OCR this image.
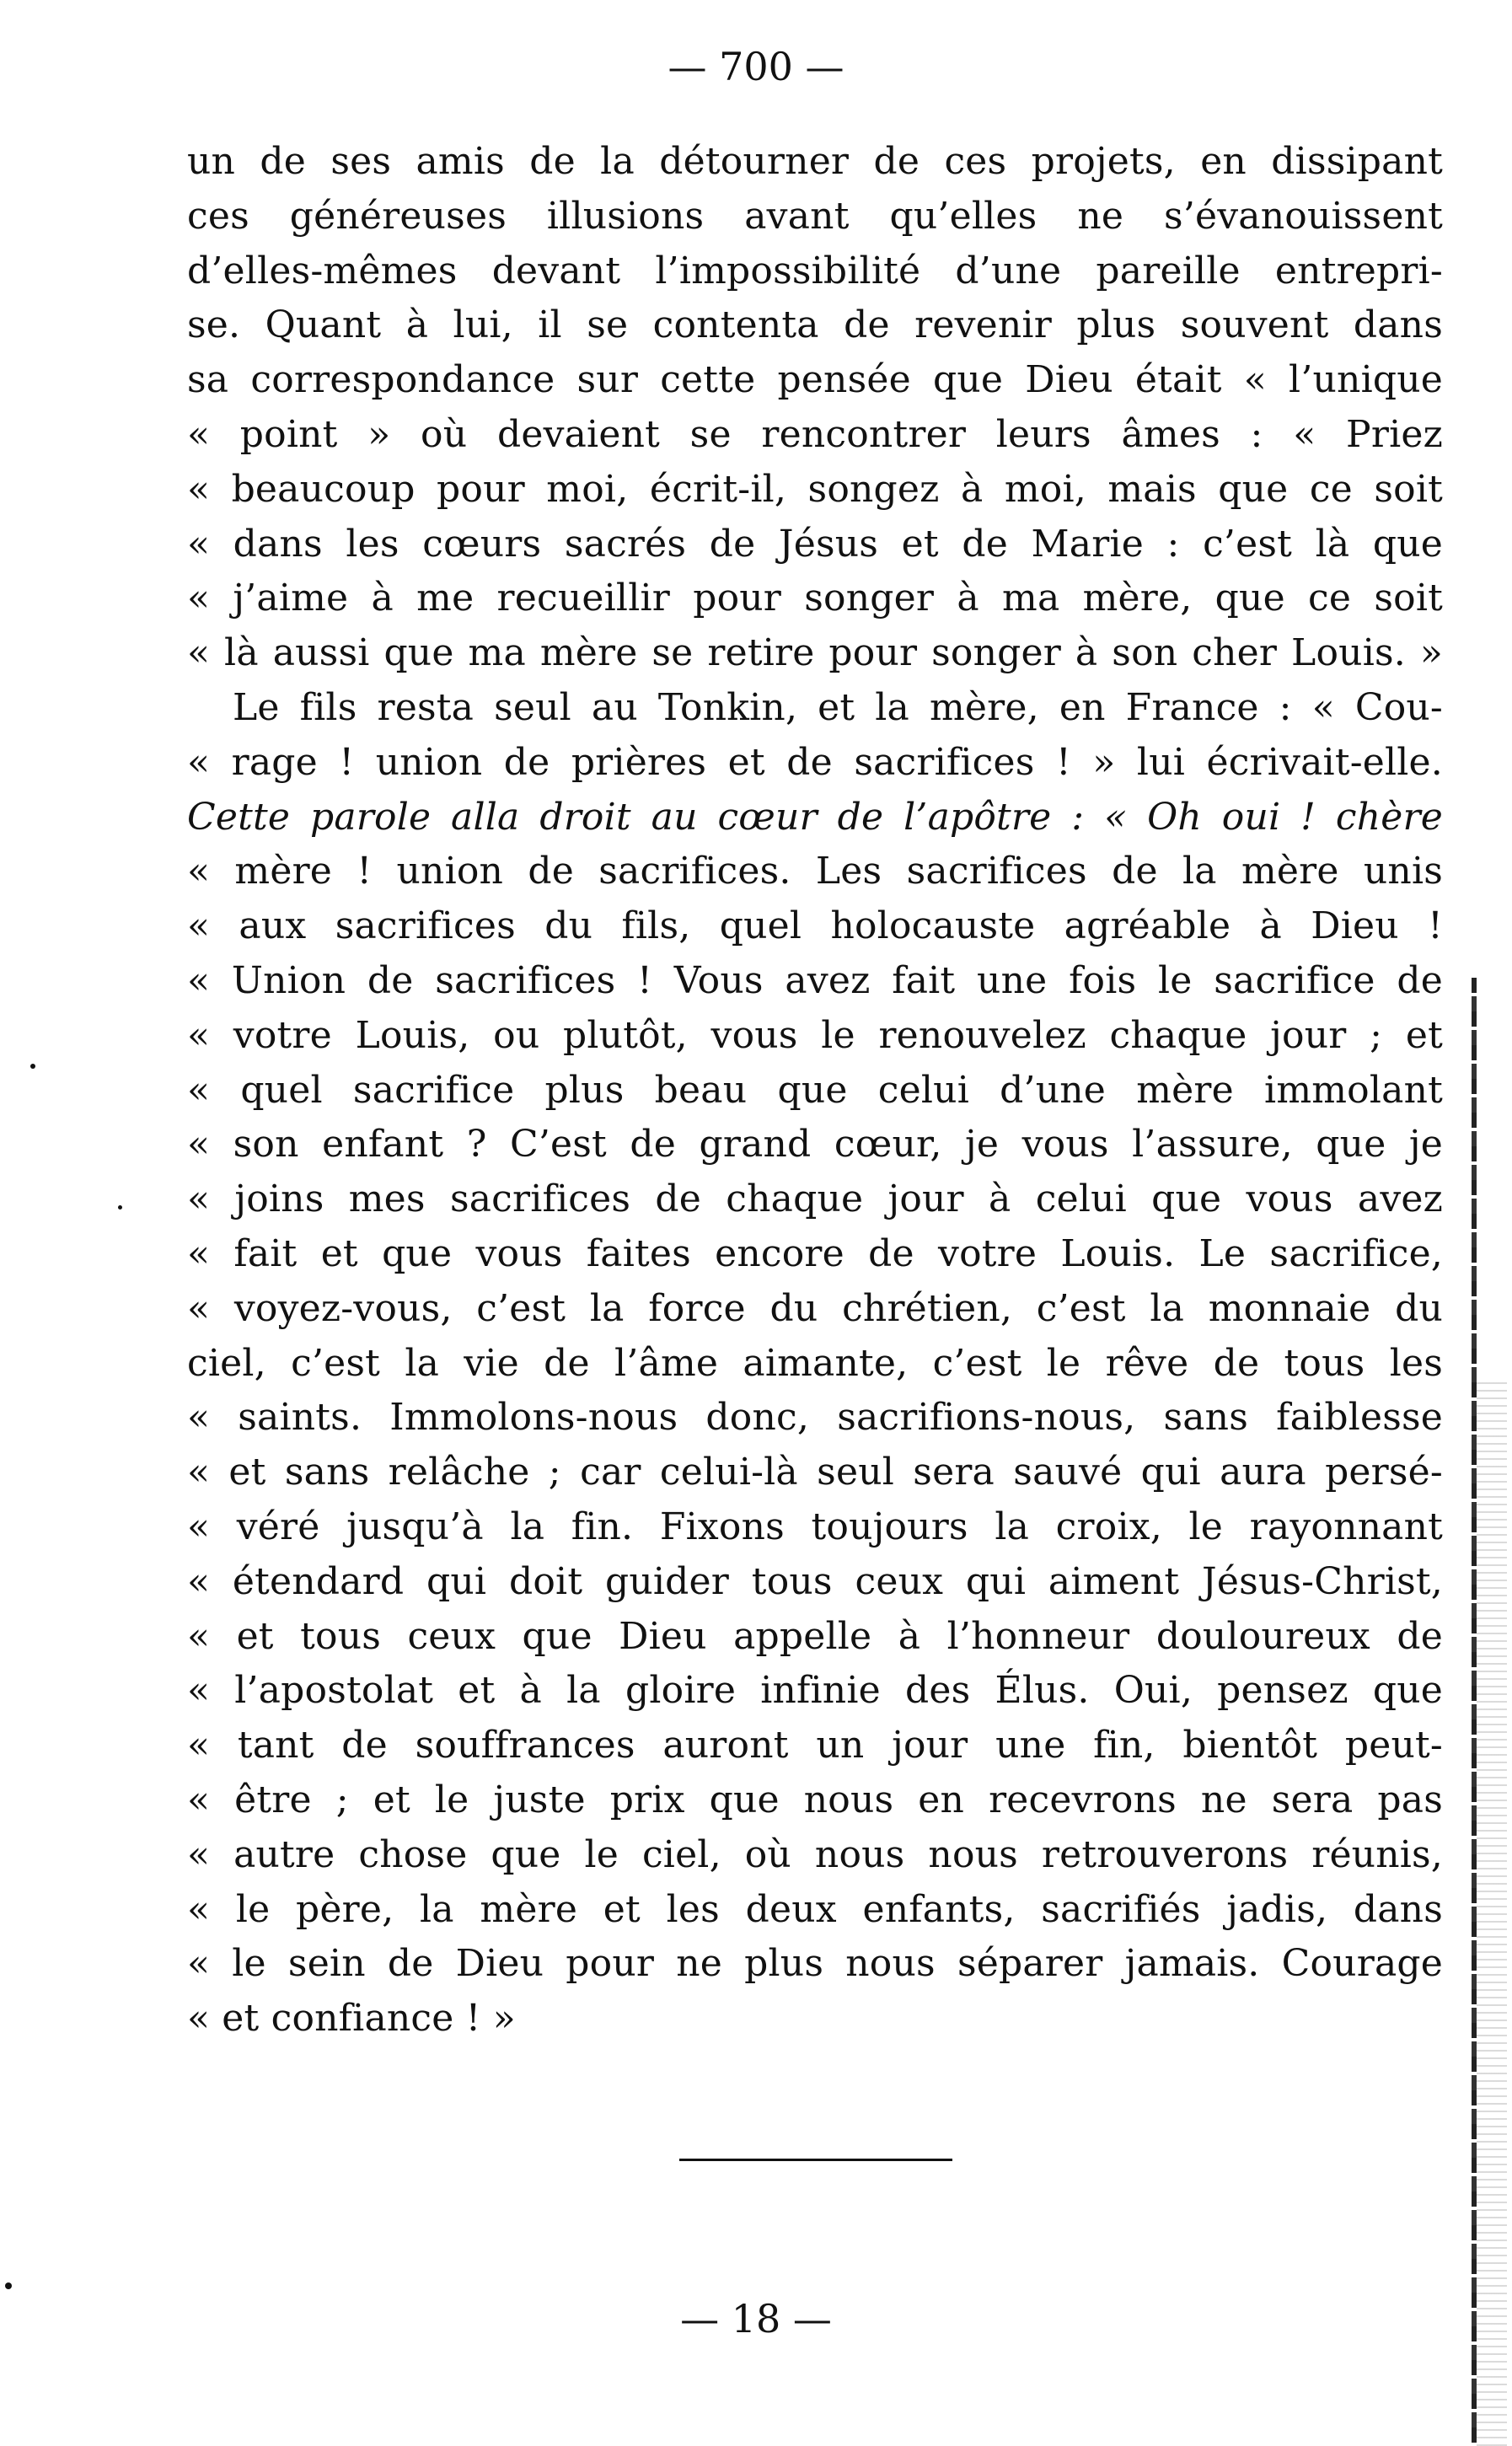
— 700 —
un de ses amis de la détourner de ces projets, en dissipant
ces généreuses illusions avant qu’elles ne s’évanouissent
d’elles-mêmes devant l’impossibilité d’une pareille entrepri-
se. Quant à lui, il se contenta de revenir plus souvent dans
sa correspondance sur cette pensée que Dieu était « l’unique
« point » où devaient se rencontrer leurs âmes : « Priez
« beaucoup pour moi, écrit-il, songez à moi, mais que ce soit
« dans les cœurs sacrés de Jésus et de Marie : c’est là que
« j’aime à me recueillir pour songer à ma mère, que ce soit
« là aussi que ma mère se retire pour songer à son cher Louis. »
Le fils resta seul au Tonkin, et la mère, en France : « Cou-
« rage ! union de prières et de sacrifices ! » lui écrivait-elle.
Cette parole alla droit au cœur de l’apôtre : « Oh oui ! chère
« mère ! union de sacrifices. Les sacrifices de la mère unis
« aux sacrifices du fils, quel holocauste agréable à Dieu !
« Union de sacrifices ! Vous avez fait une fois le sacrifice de
« votre Louis, ou plutôt, vous le renouvelez chaque jour ; et
« quel sacrifice plus beau que celui d’une mère immolant
« son enfant ? C’est de grand cœur, je vous l’assure, que je
« joins mes sacrifices de chaque jour à celui que vous avez
« fait et que vous faites encore de votre Louis. Le sacrifice,
« voyez-vous, c’est la force du chrétien, c’est la monnaie du
ciel, c’est la vie de l’âme aimante, c’est le rêve de tous les
« saints. Immolons-nous donc, sacrifions-nous, sans faiblesse
« et sans relâche ; car celui-là seul sera sauvé qui aura persé-
« véré jusqu’à la fin. Fixons toujours la croix, le rayonnant
« étendard qui doit guider tous ceux qui aiment Jésus-Christ,
« et tous ceux que Dieu appelle à l’honneur douloureux de
« l’apostolat et à la gloire infinie des Élus. Oui, pensez que
« tant de souffrances auront un jour une fin, bientôt peut-
« être ; et le juste prix que nous en recevrons ne sera pas
« autre chose que le ciel, où nous nous retrouverons réunis,
« le père, la mère et les deux enfants, sacrifiés jadis, dans
« le sein de Dieu pour ne plus nous séparer jamais. Courage
« et confiance ! »
— 18 —
